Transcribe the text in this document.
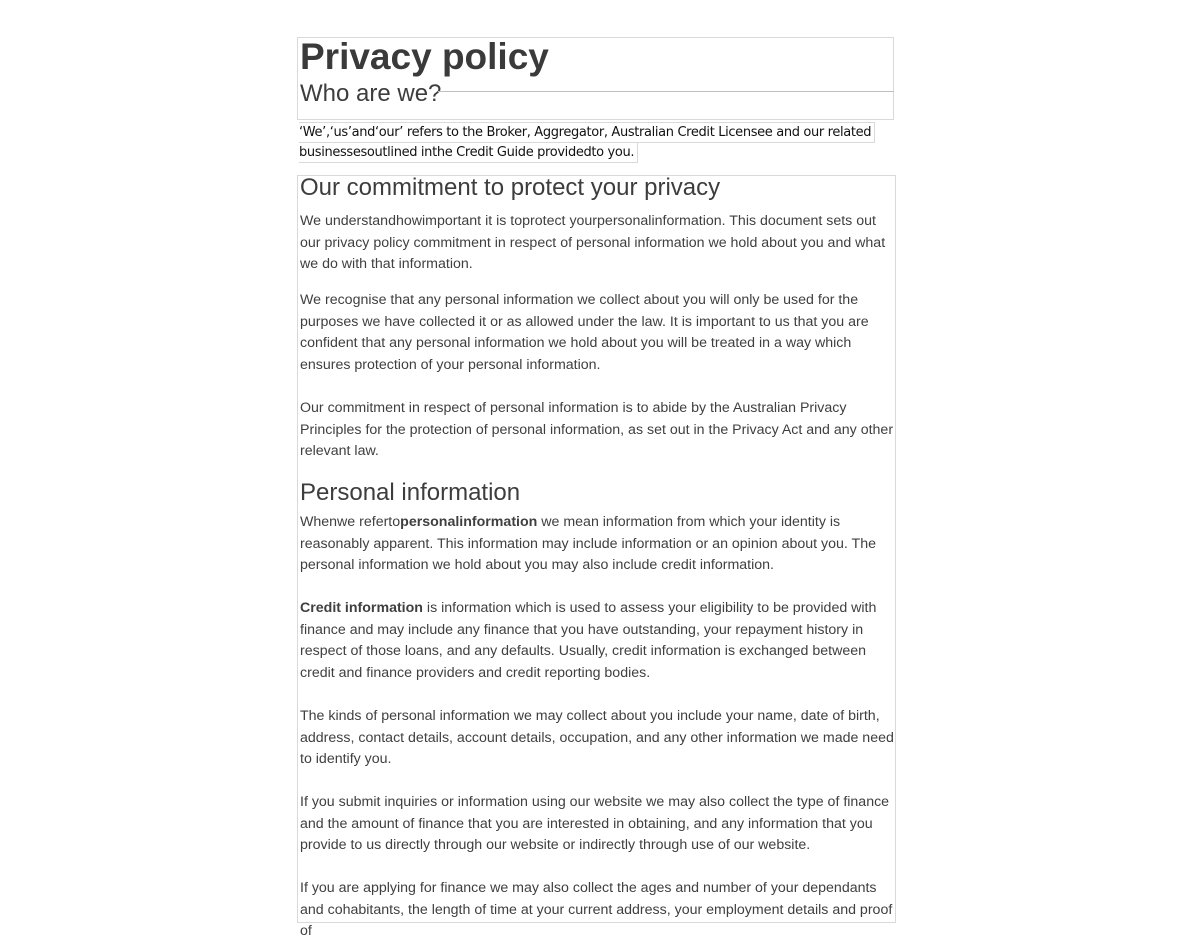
Privacy policy
Who are we?
‘We’,‘us’and‘our’ refers to the Broker, Aggregator, Australian Credit Licensee and our related
businessesoutlined inthe Credit Guide providedto you.
Our commitment to protect your privacy

We understandhowimportant it is toprotect yourpersonalinformation. This document sets out our privacy policy commitment in respect of personal information we hold about you and what we do with that information.

We recognise that any personal information we collect about you will only be used for the purposes we have collected it or as allowed under the law. It is important to us that you are confident that any personal information we hold about you will be treated in a way which ensures protection of your personal information.

Our commitment in respect of personal information is to abide by the Australian Privacy Principles for the protection of personal information, as set out in the Privacy Act and any other relevant law.

Personal information

Whenwe refertopersonalinformation we mean information from which your identity is reasonably apparent. This information may include information or an opinion about you. The personal information we hold about you may also include credit information.

Credit information is information which is used to assess your eligibility to be provided with finance and may include any finance that you have outstanding, your repayment history in respect of those loans, and any defaults. Usually, credit information is exchanged between credit and finance providers and credit reporting bodies.

The kinds of personal information we may collect about you include your name, date of birth, address, contact details, account details, occupation, and any other information we made need to identify you.

If you submit inquiries or information using our website we may also collect the type of finance and the amount of finance that you are interested in obtaining, and any information that you provide to us directly through our website or indirectly through use of our website.

If you are applying for finance we may also collect the ages and number of your dependants and cohabitants, the length of time at your current address, your employment details and proof of
